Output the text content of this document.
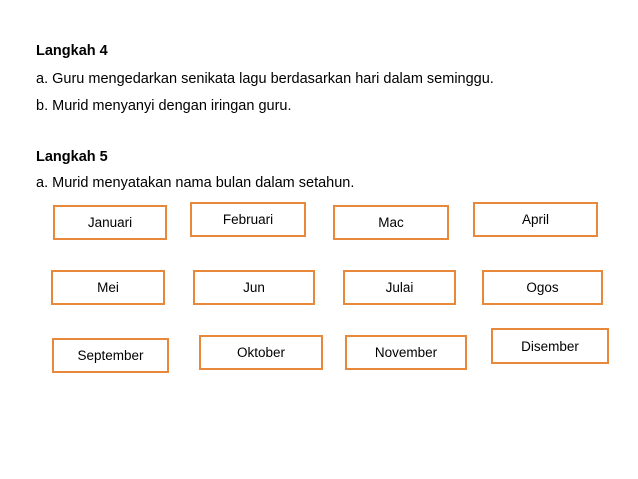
Langkah 4
a. Guru mengedarkan senikata lagu berdasarkan hari dalam seminggu.
b. Murid menyanyi dengan iringan guru.
Langkah 5
a. Murid menyatakan nama bulan dalam setahun.
Januari	Februari	Mac	April
Mei	Jun	Julai	Ogos
September	Oktober	November	Disember
